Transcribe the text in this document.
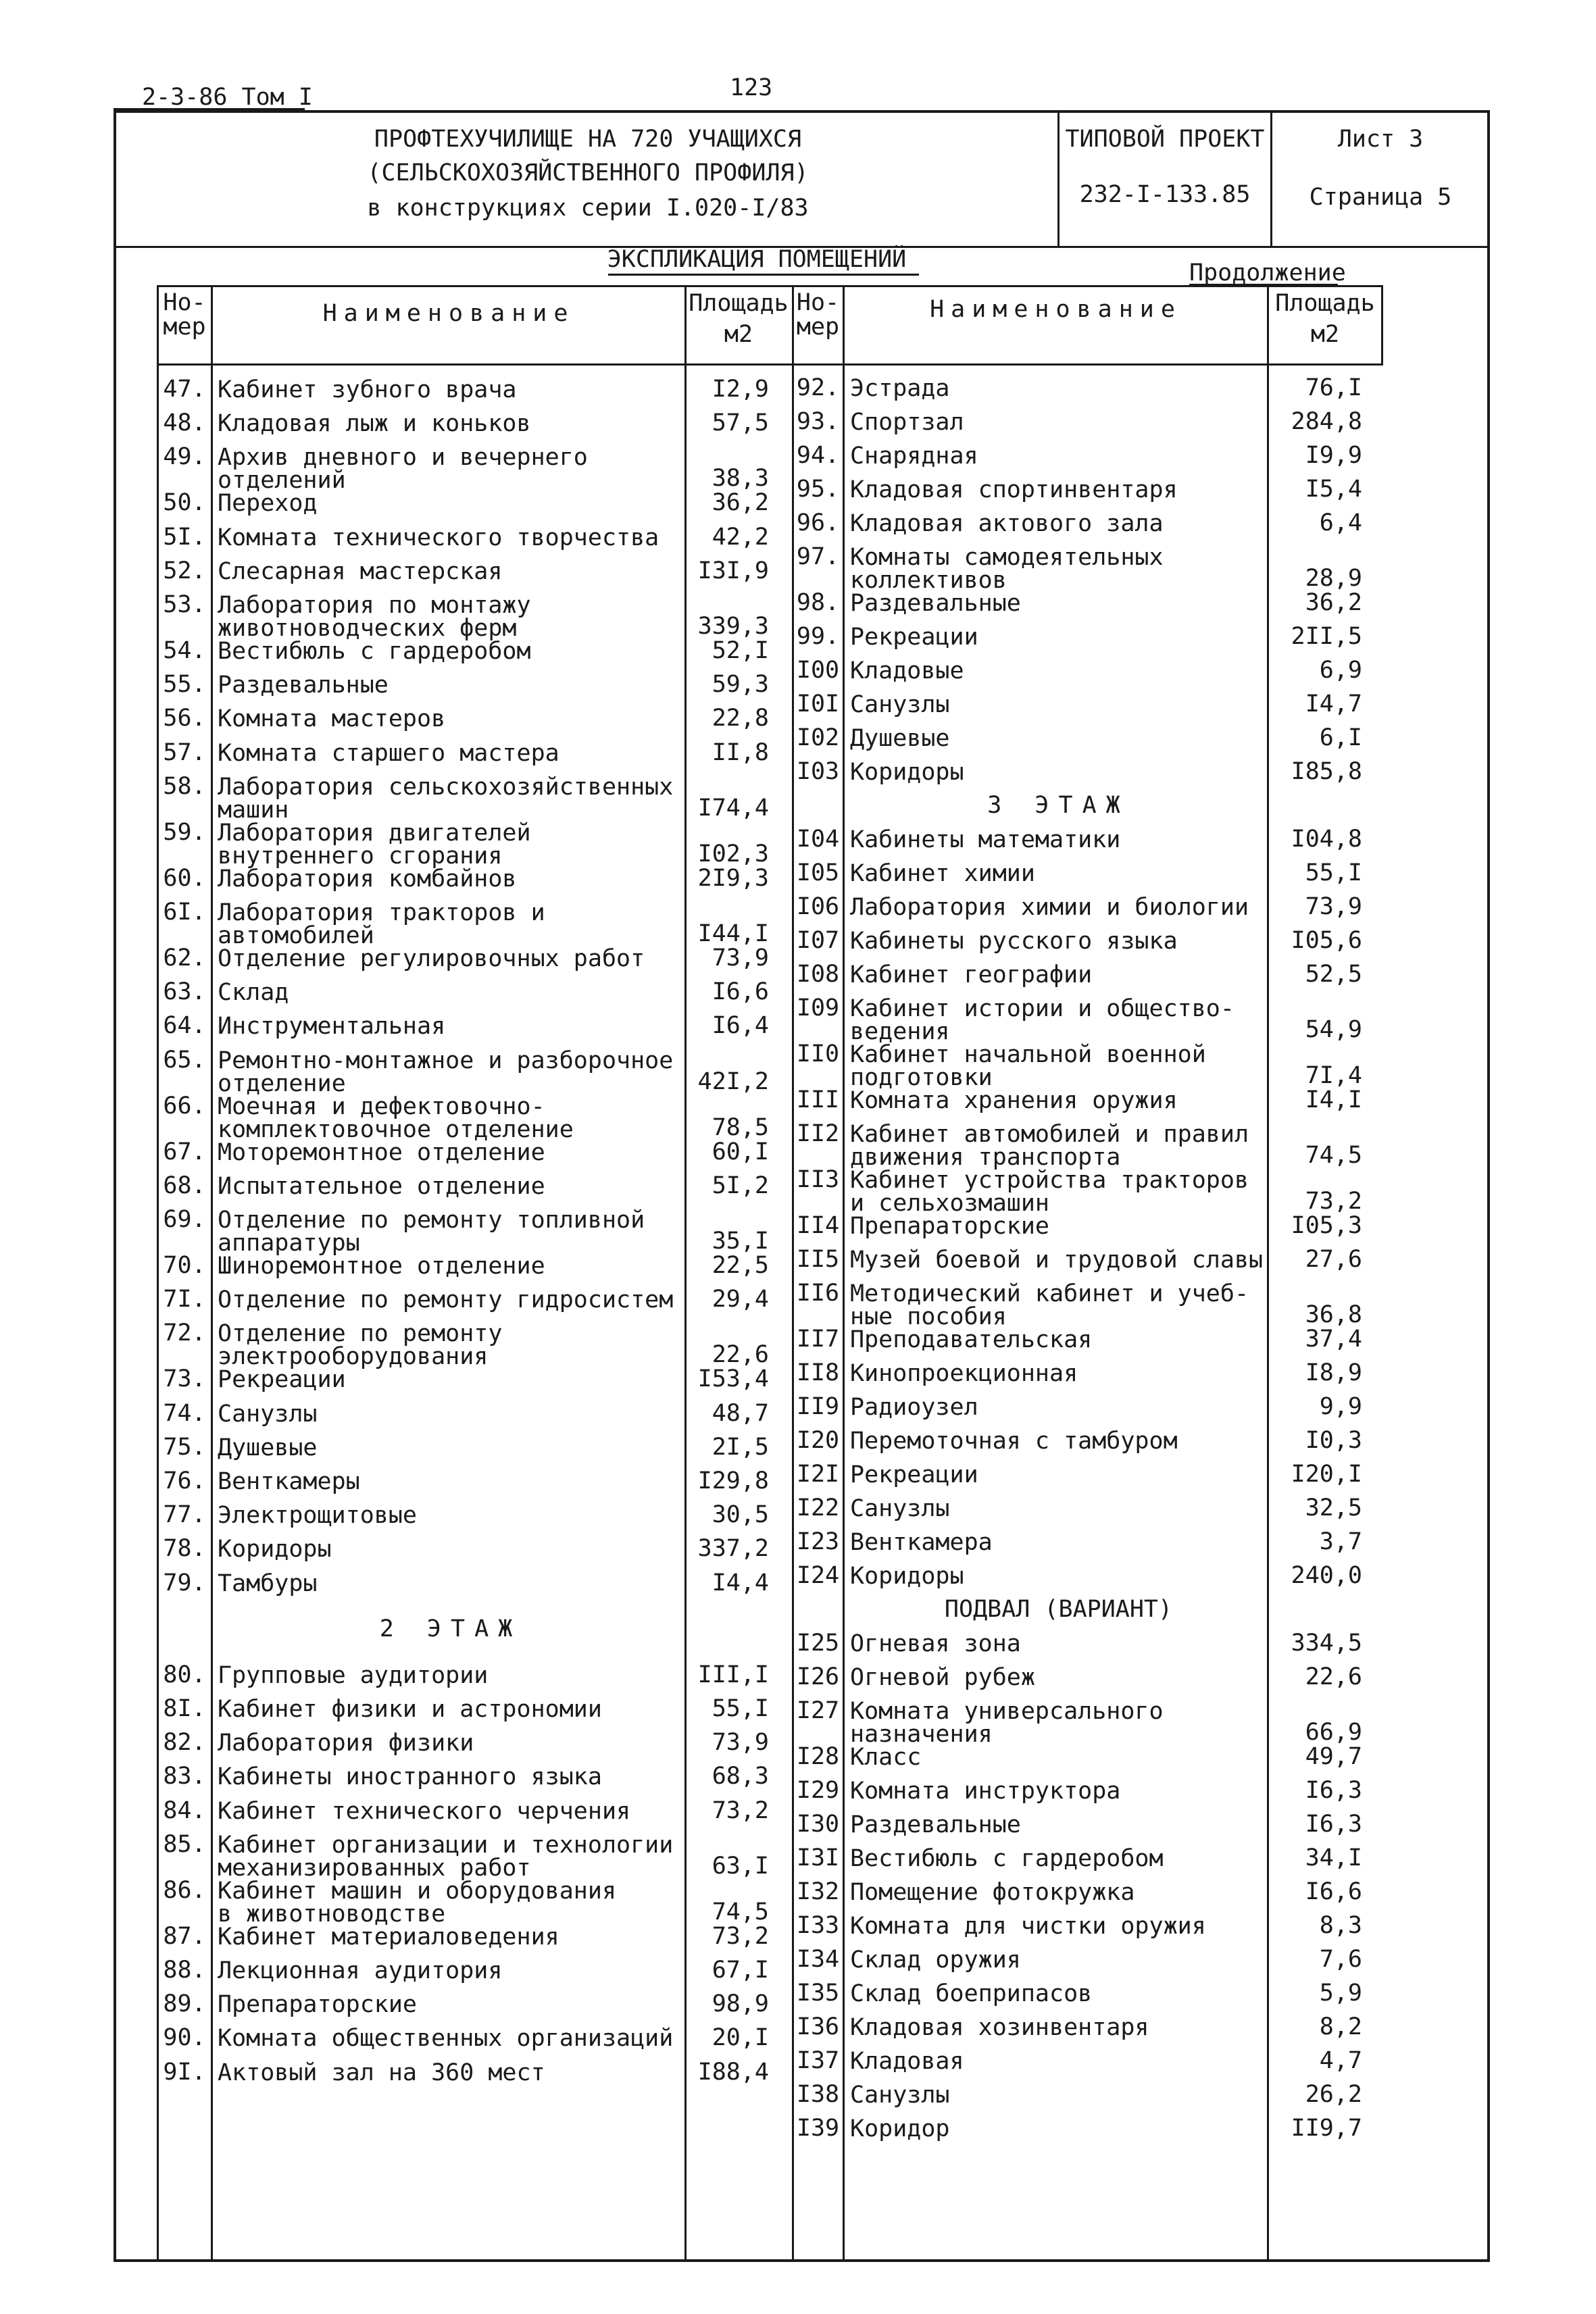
2-3-86 Том I	123
ПРОФТЕХУЧИЛИЩЕ НА 720 УЧАЩИХСЯ
(СЕЛЬСКОХОЗЯЙСТВЕННОГО ПРОФИЛЯ)
в конструкциях серии I.020-I/83
ТИПОВОЙ ПРОЕКТ
232-I-133.85
Лист 3
Страница 5
ЭКСПЛИКАЦИЯ ПОМЕЩЕНИЙ	Продолжение
Но-
мер	Наименование	Площадь
м2
Но-
мер
Наименование	Площадь
м2
47. Кабинет зубного врача	I2,9
48. Кладовая лыж и коньков	57,5
49. Архив дневного и вечернего
отделений	38,3
50. Переход	36,2
5I. Комната технического творчества	42,2
52. Слесарная мастерская	I3I,9
53. Лаборатория по монтажу
животноводческих ферм	339,3
54. Вестибюль с гардеробом	52,I
55. Раздевальные	59,3
56. Комната мастеров	22,8
57. Комната старшего мастера	II,8
58. Лаборатория сельскохозяйственных
машин	I74,4
59. Лаборатория двигателей
внутреннего сгорания	I02,3
60. Лаборатория комбайнов	2I9,3
6I. Лаборатория тракторов и
автомобилей	I44,I
62. Отделение регулировочных работ	73,9
63. Склад	I6,6
64. Инструментальная	I6,4
65. Ремонтно-монтажное и разборочное
отделение	42I,2
66. Моечная и дефектовочно-
комплектовочное отделение	78,5
67. Моторемонтное отделение	60,I
68. Испытательное отделение	5I,2
69. Отделение по ремонту топливной
аппаратуры	35,I
70. Шиноремонтное отделение	22,5
7I. Отделение по ремонту гидросистем	29,4
72. Отделение по ремонту
электрооборудования	22,6
73. Рекреации	I53,4
74. Санузлы	48,7
75. Душевые	2I,5
76. Венткамеры	I29,8
77. Электрощитовые	30,5
78. Коридоры	337,2
79. Тамбуры	I4,4
2 ЭТАЖ
80. Групповые аудитории	III,I
8I. Кабинет физики и астрономии	55,I
82. Лаборатория физики	73,9
83. Кабинеты иностранного языка	68,3
84. Кабинет технического черчения	73,2
85. Кабинет организации и технологии
механизированных работ	63,I
86. Кабинет машин и оборудования
в животноводстве	74,5
87. Кабинет материаловедения	73,2
88. Лекционная аудитория	67,I
89. Препараторские	98,9
90. Комната общественных организаций	20,I
9I. Актовый зал на 360 мест	I88,4
92. Эстрада	76,I
93. Спортзал	284,8
94. Снарядная	I9,9
95. Кладовая спортинвентаря	I5,4
96. Кладовая актового зала	6,4
97. Комнаты самодеятельных
коллективов	28,9
98. Раздевальные	36,2
99. Рекреации	2II,5
I00 Кладовые	6,9
I0I Санузлы	I4,7
I02 Душевые	6,I
I03 Коридоры	I85,8
3 ЭТАЖ
I04 Кабинеты математики	I04,8
I05 Кабинет химии	55,I
I06 Лаборатория химии и биологии	73,9
I07 Кабинеты русского языка	I05,6
I08 Кабинет географии	52,5
I09 Кабинет истории и общество-
ведения	54,9
II0 Кабинет начальной военной
подготовки	7I,4
III Комната хранения оружия	I4,I
II2 Кабинет автомобилей и правил
движения транспорта	74,5
II3 Кабинет устройства тракторов
и сельхозмашин	73,2
II4 Препараторские	I05,3
II5 Музей боевой и трудовой славы	27,6
II6 Методический кабинет и учеб-
ные пособия	36,8
II7 Преподавательская	37,4
II8 Кинопроекционная	I8,9
II9 Радиоузел	9,9
I20 Перемоточная с тамбуром	I0,3
I2I Рекреации	I20,I
I22 Санузлы	32,5
I23 Венткамера	3,7
I24 Коридоры	240,0
ПОДВАЛ (ВАРИАНТ)
I25 Огневая зона	334,5
I26 Огневой рубеж	22,6
I27 Комната универсального
назначения	66,9
I28 Класс	49,7
I29 Комната инструктора	I6,3
I30 Раздевальные	I6,3
I3I Вестибюль с гардеробом	34,I
I32 Помещение фотокружка	I6,6
I33 Комната для чистки оружия	8,3
I34 Склад оружия	7,6
I35 Склад боеприпасов	5,9
I36 Кладовая хозинвентаря	8,2
I37 Кладовая	4,7
I38 Санузлы	26,2
I39 Коридор	II9,7
